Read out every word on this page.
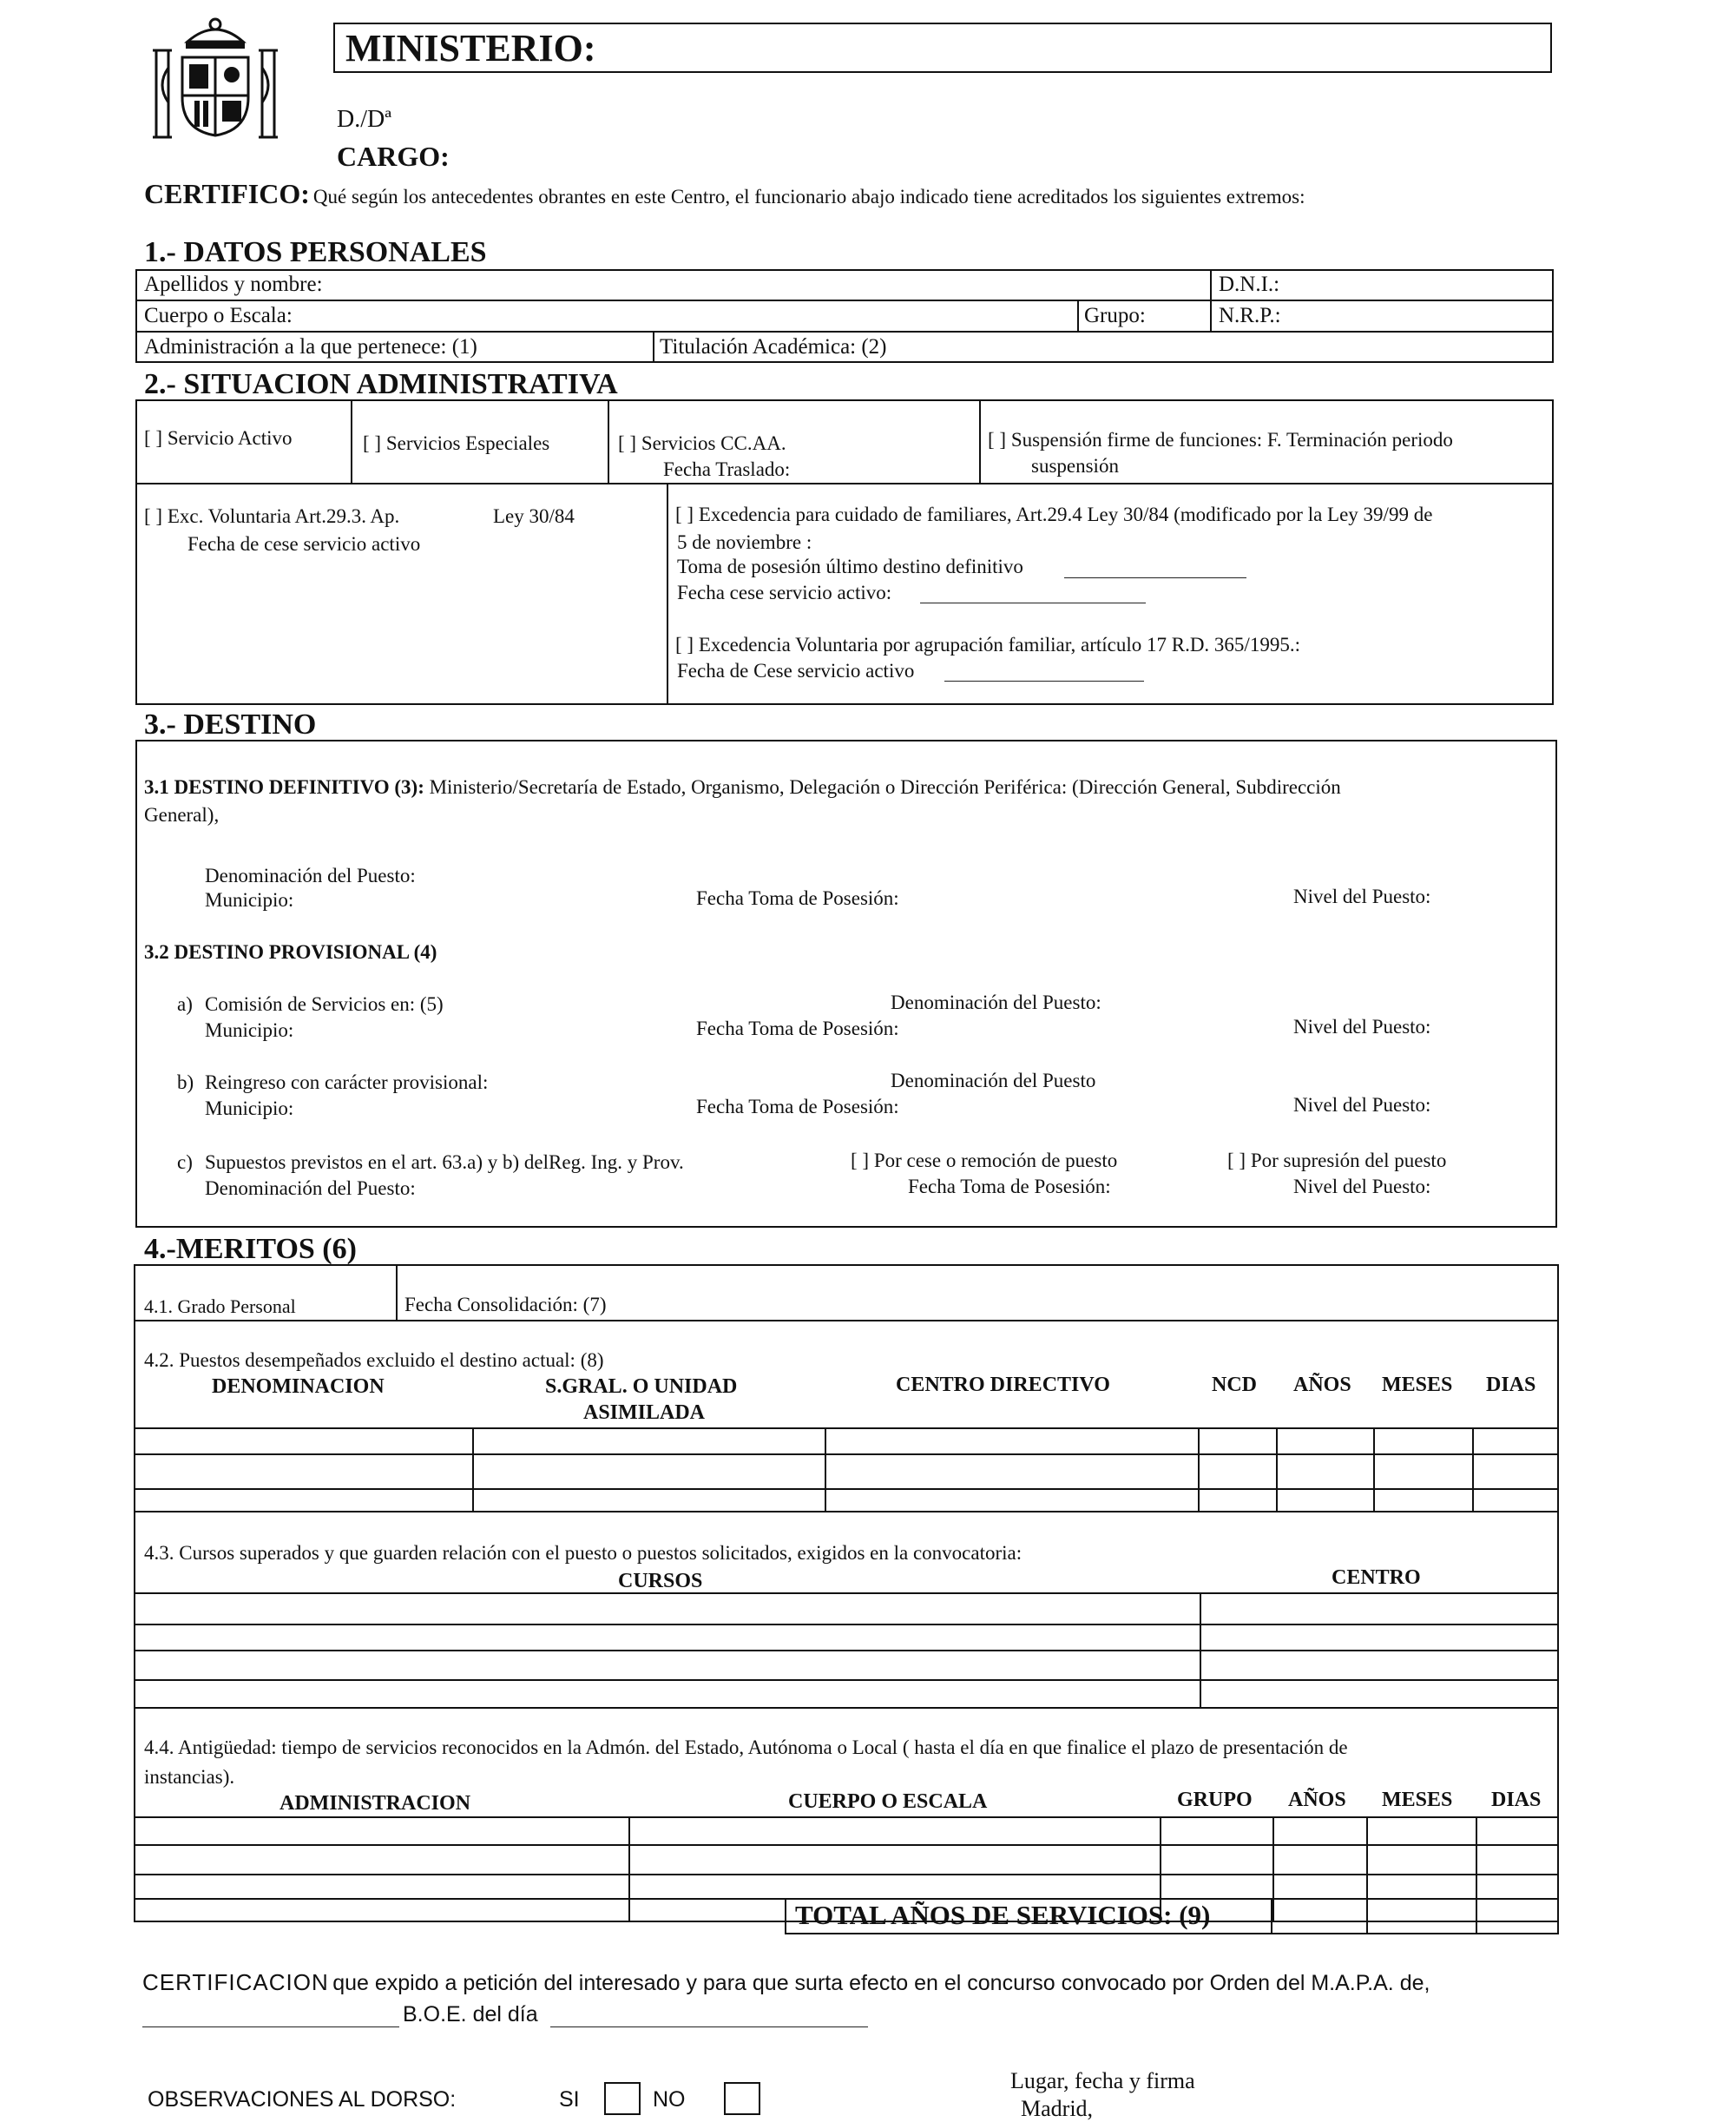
MINISTERIO:
D./Dª
CARGO:
CERTIFICO: Qué según los antecedentes obrantes en este Centro, el funcionario abajo indicado tiene acreditados los siguientes extremos:
1.- DATOS PERSONALES
Apellidos y nombre:	D.N.I.:
Cuerpo o Escala:	Grupo:	N.R.P.:
Administración a la que pertenece: (1)	Titulación Académica: (2)
2.- SITUACION ADMINISTRATIVA
[ ] Servicio Activo	[ ] Servicios Especiales	[ ] Servicios CC.AA.
Fecha Traslado:
[ ] Suspensión firme de funciones: F. Terminación periodo
suspensión
[ ] Exc. Voluntaria Art.29.3. Ap.	Ley 30/84
Fecha de cese servicio activo
[ ] Excedencia para cuidado de familiares, Art.29.4 Ley 30/84 (modificado por la Ley 39/99 de
5 de noviembre :
Toma de posesión último destino definitivo
Fecha cese servicio activo:
[ ] Excedencia Voluntaria por agrupación familiar, artículo 17 R.D. 365/1995.:
Fecha de Cese servicio activo
3.- DESTINO
3.1 DESTINO DEFINITIVO (3): Ministerio/Secretaría de Estado, Organismo, Delegación o Dirección Periférica: (Dirección General, Subdirección
General),
Denominación del Puesto:
Municipio:	Fecha Toma de Posesión:	Nivel del Puesto:
3.2 DESTINO PROVISIONAL (4)
a) Comisión de Servicios en: (5)	Denominación del Puesto:
Municipio:	Fecha Toma de Posesión:	Nivel del Puesto:
b) Reingreso con carácter provisional:	Denominación del Puesto
Municipio:	Fecha Toma de Posesión:	Nivel del Puesto:
c) Supuestos previstos en el art. 63.a) y b) delReg. Ing. y Prov.	[ ] Por cese o remoción de puesto	[ ] Por supresión del puesto
Denominación del Puesto:	Fecha Toma de Posesión:	Nivel del Puesto:
4.-MERITOS (6)
4.1. Grado Personal	Fecha Consolidación: (7)
4.2. Puestos desempeñados excluido el destino actual: (8)
DENOMINACION	S.GRAL. O UNIDAD
ASIMILADA
CENTRO DIRECTIVO	NCD AÑOS MESES DIAS
4.3. Cursos superados y que guarden relación con el puesto o puestos solicitados, exigidos en la convocatoria:
CURSOS	CENTRO
4.4. Antigüedad: tiempo de servicios reconocidos en la Admón. del Estado, Autónoma o Local ( hasta el día en que finalice el plazo de presentación de
instancias).
ADMINISTRACION	CUERPO O ESCALA	GRUPO AÑOS MESES DIAS
TOTAL AÑOS DE SERVICIOS: (9)
CERTIFICACION que expido a petición del interesado y para que surta efecto en el concurso convocado por Orden del M.A.P.A. de,
B.O.E. del día
OBSERVACIONES AL DORSO:	SI	NO
Lugar, fecha y firma
Madrid,
